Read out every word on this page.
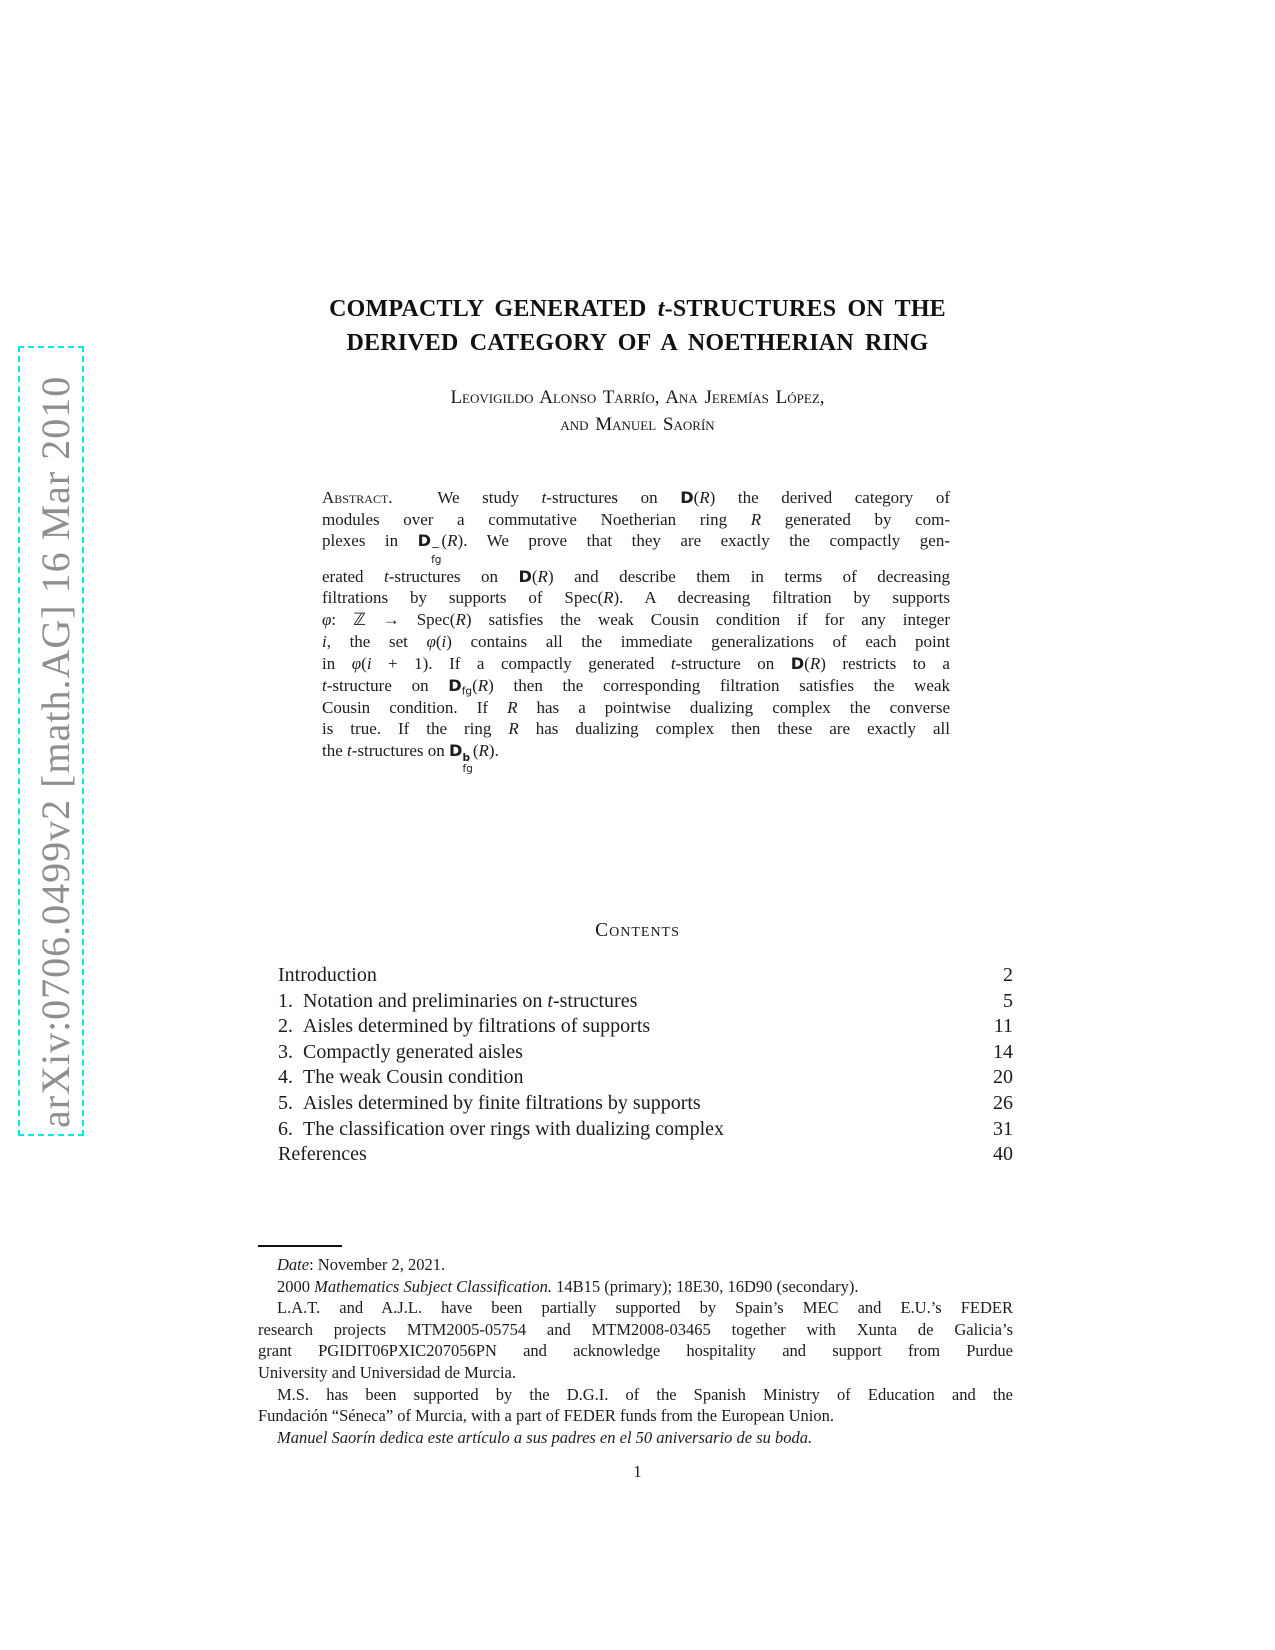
arXiv:0706.0499v2 [math.AG] 16 Mar 2010
COMPACTLY GENERATED t-STRUCTURES ON THE
DERIVED CATEGORY OF A NOETHERIAN RING
Leovigildo Alonso Tarrío, Ana Jeremías López,
and Manuel Saorín
Abstract.  We study t-structures on D(R) the derived category of
modules over a commutative Noetherian ring R generated by com-
plexes in D −
fg
(R). We prove that they are exactly the compactly gen-
erated t-structures on D(R) and describe them in terms of decreasing
filtrations by supports of Spec(R). A decreasing filtration by supports
φ: ℤ → Spec(R) satisfies the weak Cousin condition if for any integer
i, the set φ(i) contains all the immediate generalizations of each point
in φ(i + 1). If a compactly generated t-structure on D(R) restricts to a
t-structure on $D_{fg}(R)$ then the corresponding filtration satisfies the weak
Cousin condition. If R has a pointwise dualizing complex the converse
is true. If the ring R has dualizing complex then these are exactly all
the t-structures on D b
fg
(R).
Contents
Introduction	2
1.  Notation and preliminaries on t-structures	5
2.  Aisles determined by filtrations of supports	11
3.  Compactly generated aisles	14
4.  The weak Cousin condition	20
5.  Aisles determined by finite filtrations by supports	26
6.  The classification over rings with dualizing complex	31
References	40
Date: November 2, 2021.
2000 Mathematics Subject Classification. 14B15 (primary); 18E30, 16D90 (secondary).
L.A.T. and A.J.L. have been partially supported by Spain’s MEC and E.U.’s FEDER
research projects MTM2005-05754 and MTM2008-03465 together with Xunta de Galicia’s
grant PGIDIT06PXIC207056PN and acknowledge hospitality and support from Purdue
University and Universidad de Murcia.
M.S. has been supported by the D.G.I. of the Spanish Ministry of Education and the
Fundación “Séneca” of Murcia, with a part of FEDER funds from the European Union.
Manuel Saorín dedica este artículo a sus padres en el 50 aniversario de su boda.
1
